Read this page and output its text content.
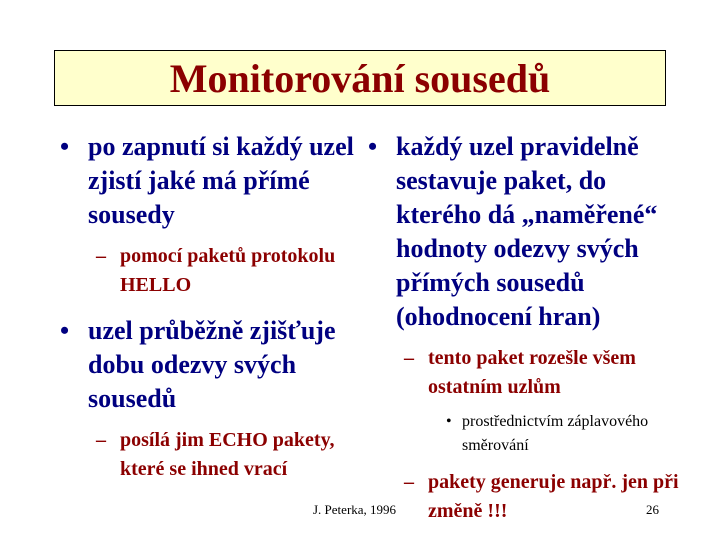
Monitorování sousedů
• po zapnutí si každý uzel zjistí jaké má přímé sousedy
– pomocí paketů protokolu HELLO
• uzel průběžně zjišťuje dobu odezvy svých sousedů
– posílá jim ECHO pakety, které se ihned vrací
• každý uzel pravidelně sestavuje paket, do kterého dá „naměřené“ hodnoty odezvy svých přímých sousedů (ohodnocení hran)
– tento paket rozešle všem ostatním uzlům
• prostřednictvím záplavového směrování
– pakety generuje např. jen při změně !!!
J. Peterka, 1996	26
